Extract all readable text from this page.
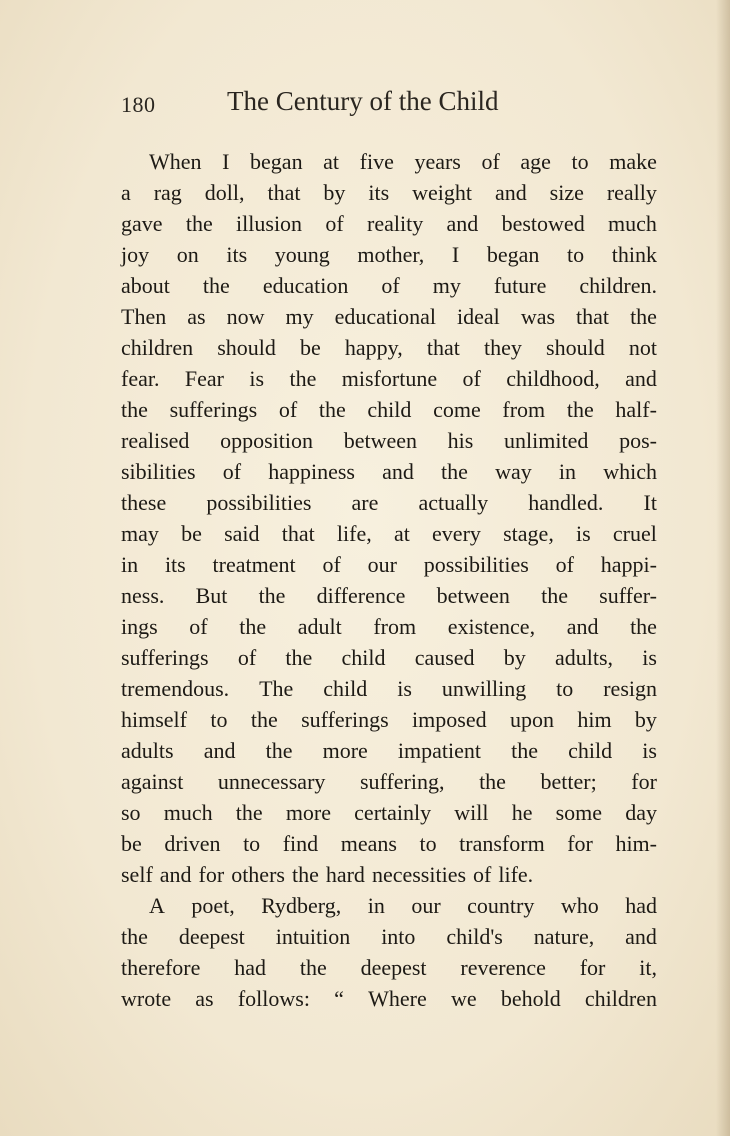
180	The Century of the Child
When I began at five years of age to make
a rag doll, that by its weight and size really
gave the illusion of reality and bestowed much
joy on its young mother, I began to think
about the education of my future children.
Then as now my educational ideal was that the
children should be happy, that they should not
fear. Fear is the misfortune of childhood, and
the sufferings of the child come from the half-
realised opposition between his unlimited pos-
sibilities of happiness and the way in which
these possibilities are actually handled. It
may be said that life, at every stage, is cruel
in its treatment of our possibilities of happi-
ness. But the difference between the suffer-
ings of the adult from existence, and the
sufferings of the child caused by adults, is
tremendous. The child is unwilling to resign
himself to the sufferings imposed upon him by
adults and the more impatient the child is
against unnecessary suffering, the better; for
so much the more certainly will he some day
be driven to find means to transform for him-
self and for others the hard necessities of life.
A poet, Rydberg, in our country who had
the deepest intuition into child's nature, and
therefore had the deepest reverence for it,
wrote as follows: “ Where we behold children
